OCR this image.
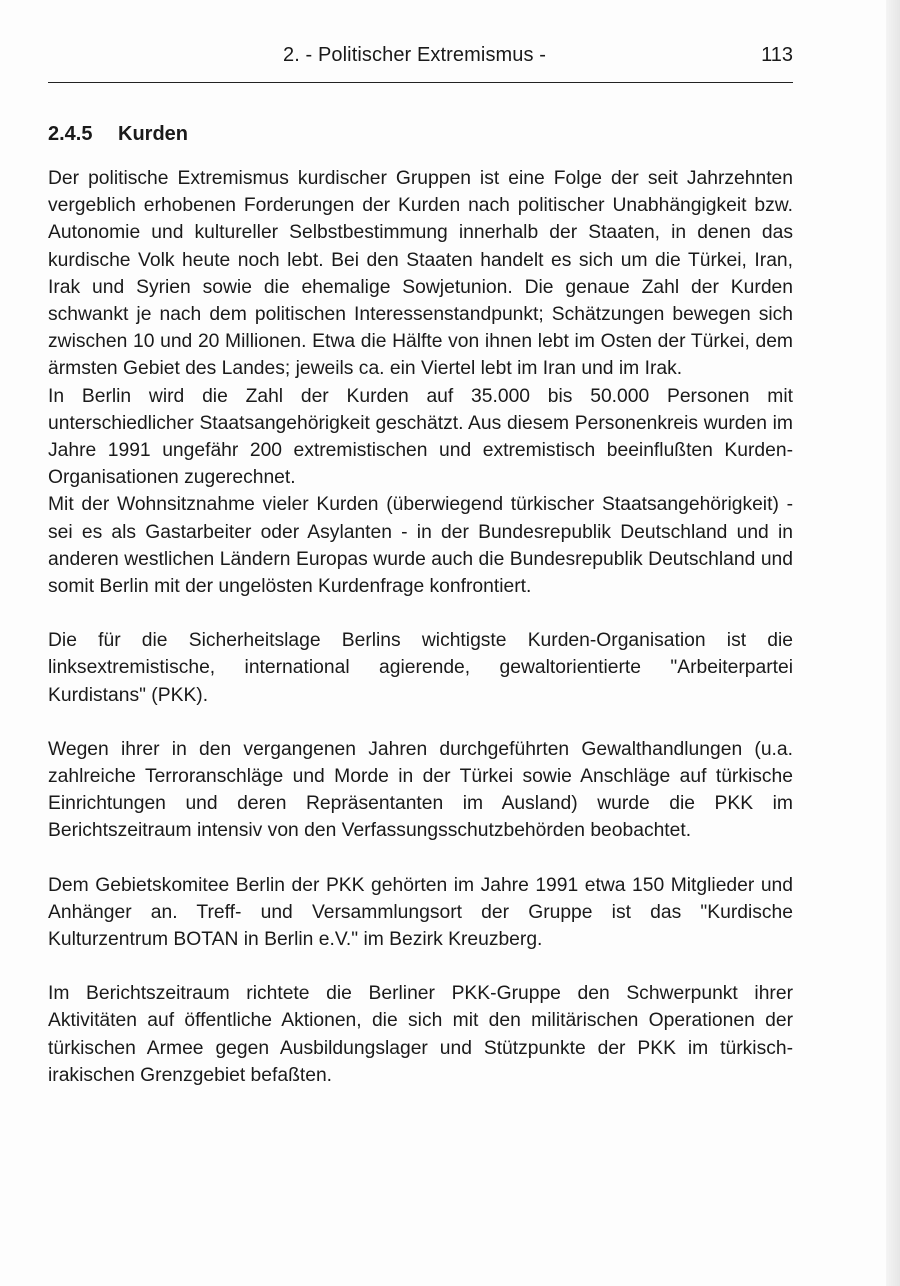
2. - Politischer Extremismus -	113
2.4.5 Kurden

Der politische Extremismus kurdischer Gruppen ist eine Folge der seit Jahrzehnten vergeblich erhobenen Forderungen der Kurden nach politischer Unabhängigkeit bzw. Autonomie und kultureller Selbstbestimmung innerhalb der Staaten, in denen das kurdische Volk heute noch lebt. Bei den Staaten handelt es sich um die Türkei, Iran, Irak und Syrien sowie die ehemalige Sowjetunion. Die genaue Zahl der Kurden schwankt je nach dem politischen Interessenstandpunkt; Schätzungen bewegen sich zwischen 10 und 20 Millionen. Etwa die Hälfte von ihnen lebt im Osten der Türkei, dem ärmsten Gebiet des Landes; jeweils ca. ein Viertel lebt im Iran und im Irak.

In Berlin wird die Zahl der Kurden auf 35.000 bis 50.000 Personen mit unterschiedlicher Staatsangehörigkeit geschätzt. Aus diesem Personenkreis wurden im Jahre 1991 ungefähr 200 extremistischen und extremistisch beeinflußten Kurden-Organisationen zugerechnet.

Mit der Wohnsitznahme vieler Kurden (überwiegend türkischer Staatsangehörigkeit) - sei es als Gastarbeiter oder Asylanten - in der Bundesrepublik Deutschland und in anderen westlichen Ländern Europas wurde auch die Bundesrepublik Deutschland und somit Berlin mit der ungelösten Kurdenfrage konfrontiert.

Die für die Sicherheitslage Berlins wichtigste Kurden-Organisation ist die linksextremistische, international agierende, gewaltorientierte "Arbeiterpartei Kurdistans" (PKK).

Wegen ihrer in den vergangenen Jahren durchgeführten Gewalthandlungen (u.a. zahlreiche Terroranschläge und Morde in der Türkei sowie Anschläge auf türkische Einrichtungen und deren Repräsentanten im Ausland) wurde die PKK im Berichtszeitraum intensiv von den Verfassungsschutzbehörden beobachtet.

Dem Gebietskomitee Berlin der PKK gehörten im Jahre 1991 etwa 150 Mitglieder und Anhänger an. Treff- und Versammlungsort der Gruppe ist das "Kurdische Kulturzentrum BOTAN in Berlin e.V." im Bezirk Kreuzberg.

Im Berichtszeitraum richtete die Berliner PKK-Gruppe den Schwerpunkt ihrer Aktivitäten auf öffentliche Aktionen, die sich mit den militärischen Operationen der türkischen Armee gegen Ausbildungslager und Stützpunkte der PKK im türkisch-irakischen Grenzgebiet befaßten.
